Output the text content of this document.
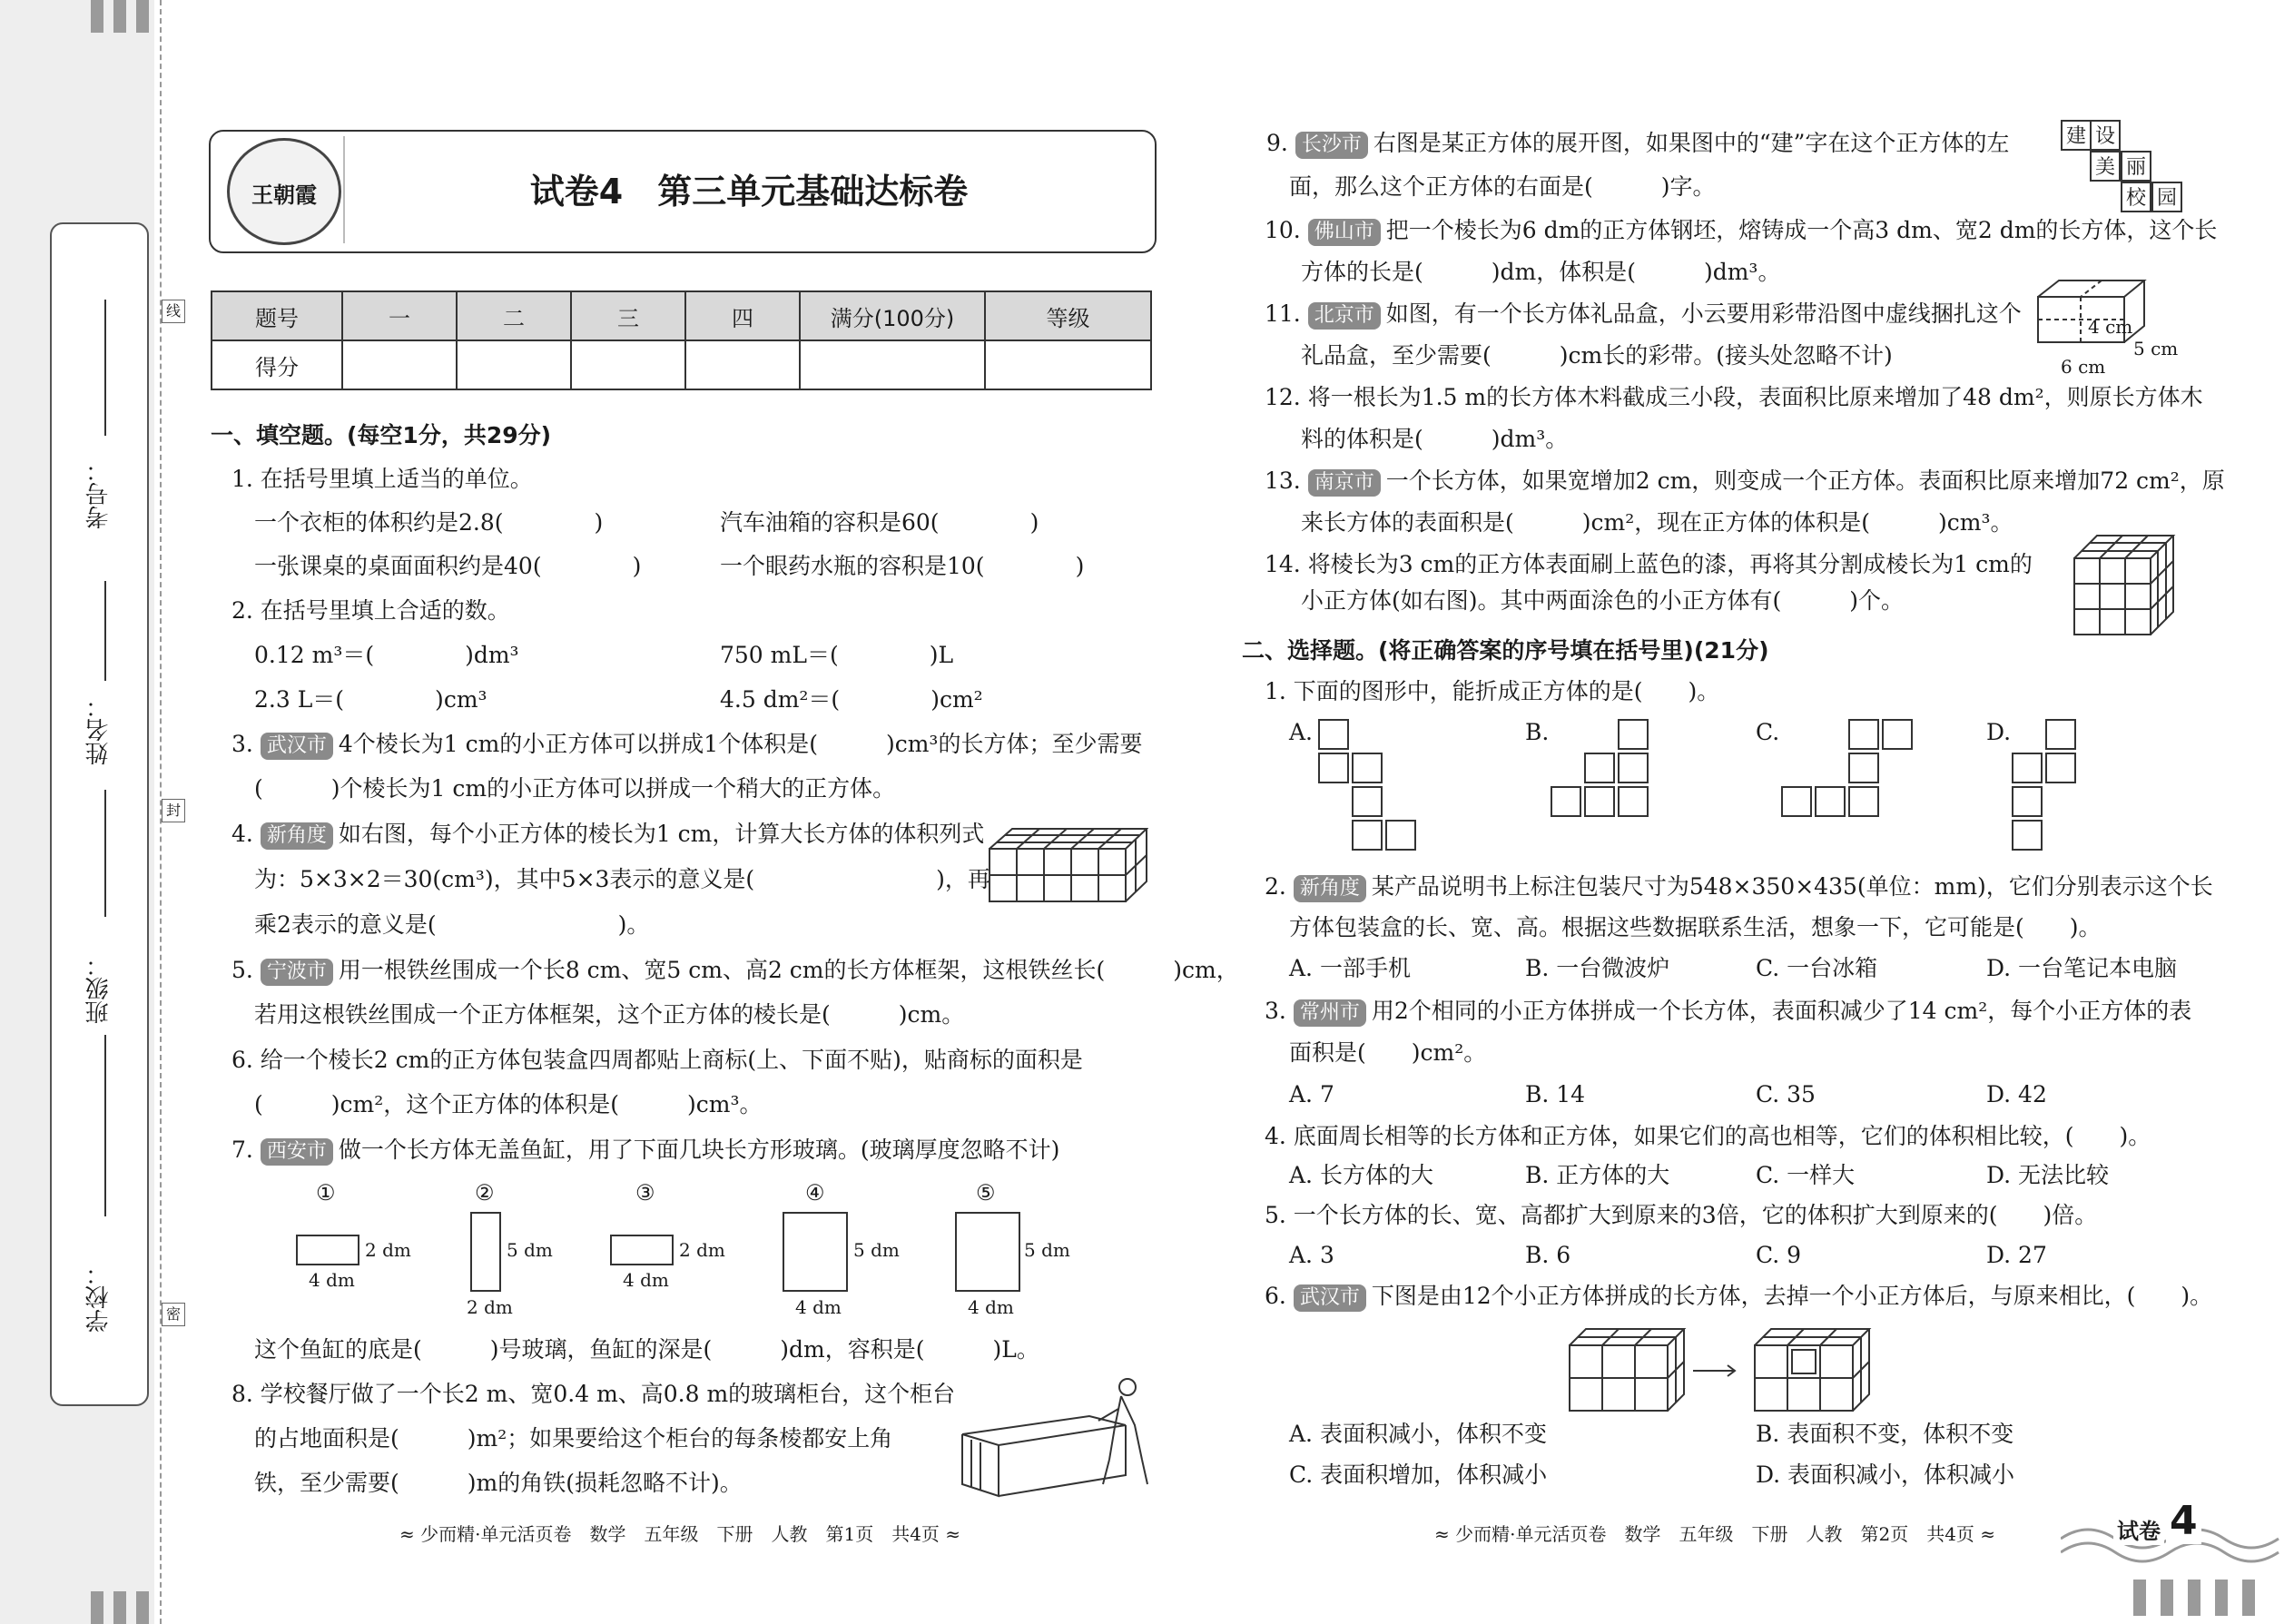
考号：
姓名：
班级：
学校：
线
封
密
王朝霞	试卷4　第三单元基础达标卷
题号	一	二	三	四	满分(100分)	等级
得分						
一、填空题。(每空1分，共29分)
1. 在括号里填上适当的单位。
一个衣柜的体积约是2.8(　　　　)	汽车油箱的容积是60(　　　　)
一张课桌的桌面面积约是40(　　　　)	一个眼药水瓶的容积是10(　　　　)
2. 在括号里填上合适的数。
0.12 m³＝(　　　　)dm³	750 mL＝(　　　　)L
2.3 L＝(　　　　)cm³	4.5 dm²＝(　　　　)cm²
3. 武汉市 4个棱长为1 cm的小正方体可以拼成1个体积是(　　　)cm³的长方体；至少需要
(　　　)个棱长为1 cm的小正方体可以拼成一个稍大的正方体。
4. 新角度 如右图，每个小正方体的棱长为1 cm，计算大长方体的体积列式
为：5×3×2＝30(cm³)，其中5×3表示的意义是(　　　　　　　　)，再
乘2表示的意义是(　　　　　　　　)。
5. 宁波市 用一根铁丝围成一个长8 cm、宽5 cm、高2 cm的长方体框架，这根铁丝长(　　　)cm，
若用这根铁丝围成一个正方体框架，这个正方体的棱长是(　　　)cm。
6. 给一个棱长2 cm的正方体包装盒四周都贴上商标(上、下面不贴)，贴商标的面积是
(　　　)cm²，这个正方体的体积是(　　　)cm³。
7. 西安市 做一个长方体无盖鱼缸，用了下面几块长方形玻璃。(玻璃厚度忽略不计)
①
2 dm
4 dm
②
5 dm
2 dm
③
2 dm
4 dm
④
5 dm
4 dm
⑤
5 dm
4 dm
这个鱼缸的底是(　　　)号玻璃，鱼缸的深是(　　　)dm，容积是(　　　)L。
8. 学校餐厅做了一个长2 m、宽0.4 m、高0.8 m的玻璃柜台，这个柜台
的占地面积是(　　　)m²；如果要给这个柜台的每条棱都安上角
铁，至少需要(　　　)m的角铁(损耗忽略不计)。
≈ 少而精·单元活页卷　数学　五年级　下册　人教　第1页　共4页 ≈
9. 长沙市 右图是某正方体的展开图，如果图中的“建”字在这个正方体的左
面，那么这个正方体的右面是(　　　)字。
建 设
美 丽
校 园
10. 佛山市 把一个棱长为6 dm的正方体钢坯，熔铸成一个高3 dm、宽2 dm的长方体，这个长
方体的长是(　　　)dm，体积是(　　　)dm³。
11. 北京市 如图，有一个长方体礼品盒，小云要用彩带沿图中虚线捆扎这个
礼品盒，至少需要(　　　)cm长的彩带。(接头处忽略不计)
4 cm
5 cm
6 cm
12. 将一根长为1.5 m的长方体木料截成三小段，表面积比原来增加了48 dm²，则原长方体木
料的体积是(　　　)dm³。
13. 南京市 一个长方体，如果宽增加2 cm，则变成一个正方体。表面积比原来增加72 cm²，原
来长方体的表面积是(　　　)cm²，现在正方体的体积是(　　　)cm³。
14. 将棱长为3 cm的正方体表面刷上蓝色的漆，再将其分割成棱长为1 cm的
小正方体(如右图)。其中两面涂色的小正方体有(　　　)个。
二、选择题。(将正确答案的序号填在括号里)(21分)
1. 下面的图形中，能折成正方体的是(　　)。
A.	B.	C.	D.
2. 新角度 某产品说明书上标注包装尺寸为548×350×435(单位：mm)，它们分别表示这个长
方体包装盒的长、宽、高。根据这些数据联系生活，想象一下，它可能是(　　)。
A. 一部手机	B. 一台微波炉	C. 一台冰箱	D. 一台笔记本电脑
3. 常州市 用2个相同的小正方体拼成一个长方体，表面积减少了14 cm²，每个小正方体的表
面积是(　　)cm²。
A. 7	B. 14	C. 35	D. 42
4. 底面周长相等的长方体和正方体，如果它们的高也相等，它们的体积相比较，(　　)。
A. 长方体的大	B. 正方体的大	C. 一样大	D. 无法比较
5. 一个长方体的长、宽、高都扩大到原来的3倍，它的体积扩大到原来的(　　)倍。
A. 3	B. 6	C. 9	D. 27
6. 武汉市 下图是由12个小正方体拼成的长方体，去掉一个小正方体后，与原来相比，(　　)。
A. 表面积减小，体积不变	B. 表面积不变，体积不变
C. 表面积增加，体积减小	D. 表面积减小，体积减小
≈ 少而精·单元活页卷　数学　五年级　下册　人教　第2页　共4页 ≈	试卷 4
